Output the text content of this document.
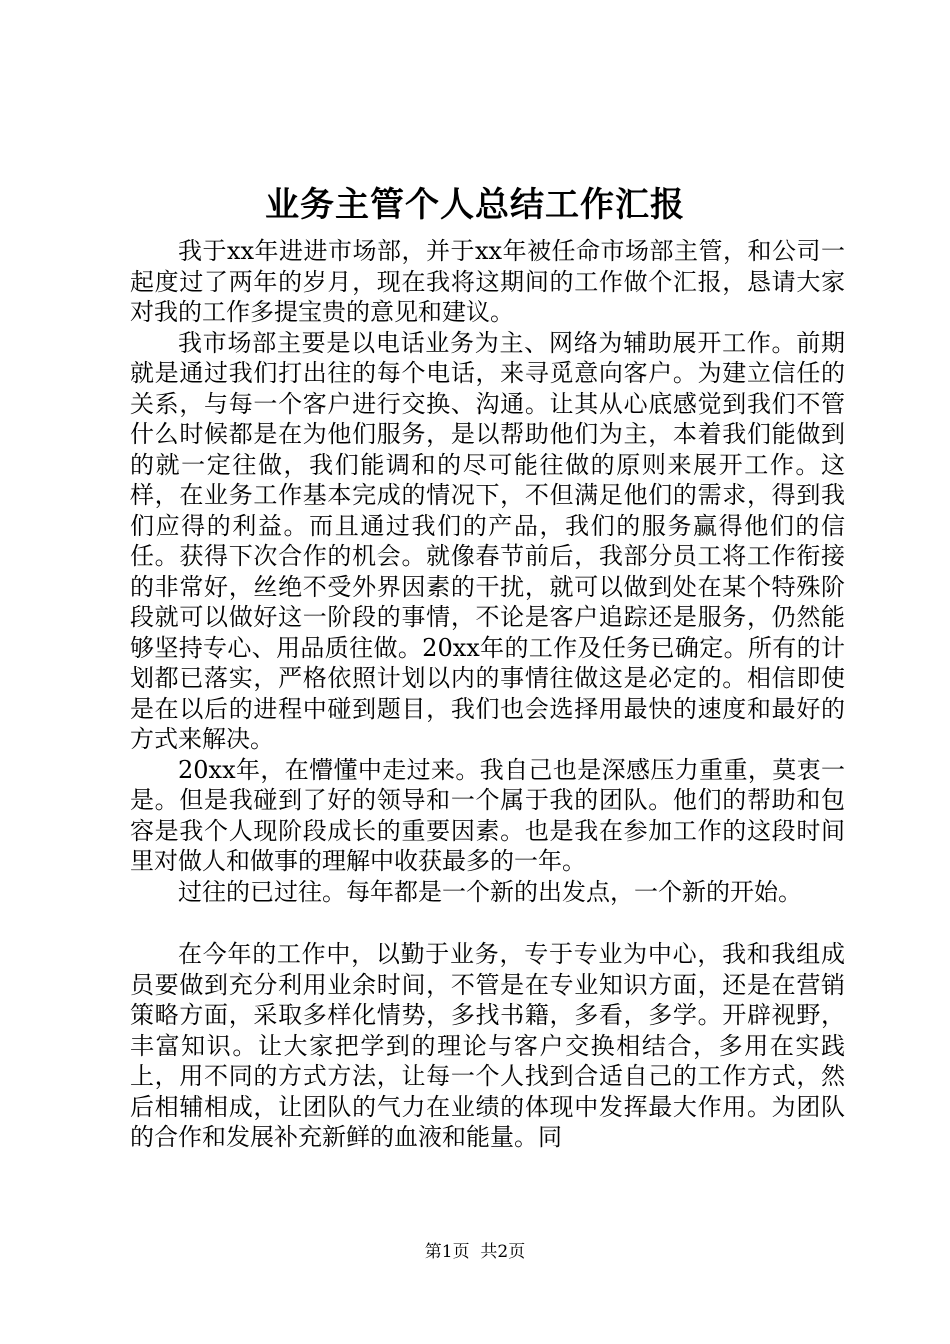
业务主管个人总结工作汇报

我于xx年进进市场部，并于xx年被任命市场部主管，和公司一起度过了两年的岁月，现在我将这期间的工作做个汇报，恳请大家对我的工作多提宝贵的意见和建议。

我市场部主要是以电话业务为主、网络为辅助展开工作。前期就是通过我们打出往的每个电话，来寻觅意向客户。为建立信任的关系，与每一个客户进行交换、沟通。让其从心底感觉到我们不管什么时候都是在为他们服务，是以帮助他们为主，本着我们能做到的就一定往做，我们能调和的尽可能往做的原则来展开工作。这样，在业务工作基本完成的情况下，不但满足他们的需求，得到我们应得的利益。而且通过我们的产品，我们的服务赢得他们的信任。获得下次合作的机会。就像春节前后，我部分员工将工作衔接的非常好，丝绝不受外界因素的干扰，就可以做到处在某个特殊阶段就可以做好这一阶段的事情，不论是客户追踪还是服务，仍然能够坚持专心、用品质往做。20xx年的工作及任务已确定。所有的计划都已落实，严格依照计划以内的事情往做这是必定的。相信即使是在以后的进程中碰到题目，我们也会选择用最快的速度和最好的方式来解决。

20xx年，在懵懂中走过来。我自己也是深感压力重重，莫衷一是。但是我碰到了好的领导和一个属于我的团队。他们的帮助和包容是我个人现阶段成长的重要因素。也是我在参加工作的这段时间里对做人和做事的理解中收获最多的一年。

过往的已过往。每年都是一个新的出发点，一个新的开始。

在今年的工作中，以勤于业务，专于专业为中心，我和我组成员要做到充分利用业余时间，不管是在专业知识方面，还是在营销策略方面，采取多样化情势，多找书籍，多看，多学。开辟视野，丰富知识。让大家把学到的理论与客户交换相结合，多用在实践上，用不同的方式方法，让每一个人找到合适自己的工作方式，然后相辅相成，让团队的气力在业绩的体现中发挥最大作用。为团队的合作和发展补充新鲜的血液和能量。同

第1页 共2页
